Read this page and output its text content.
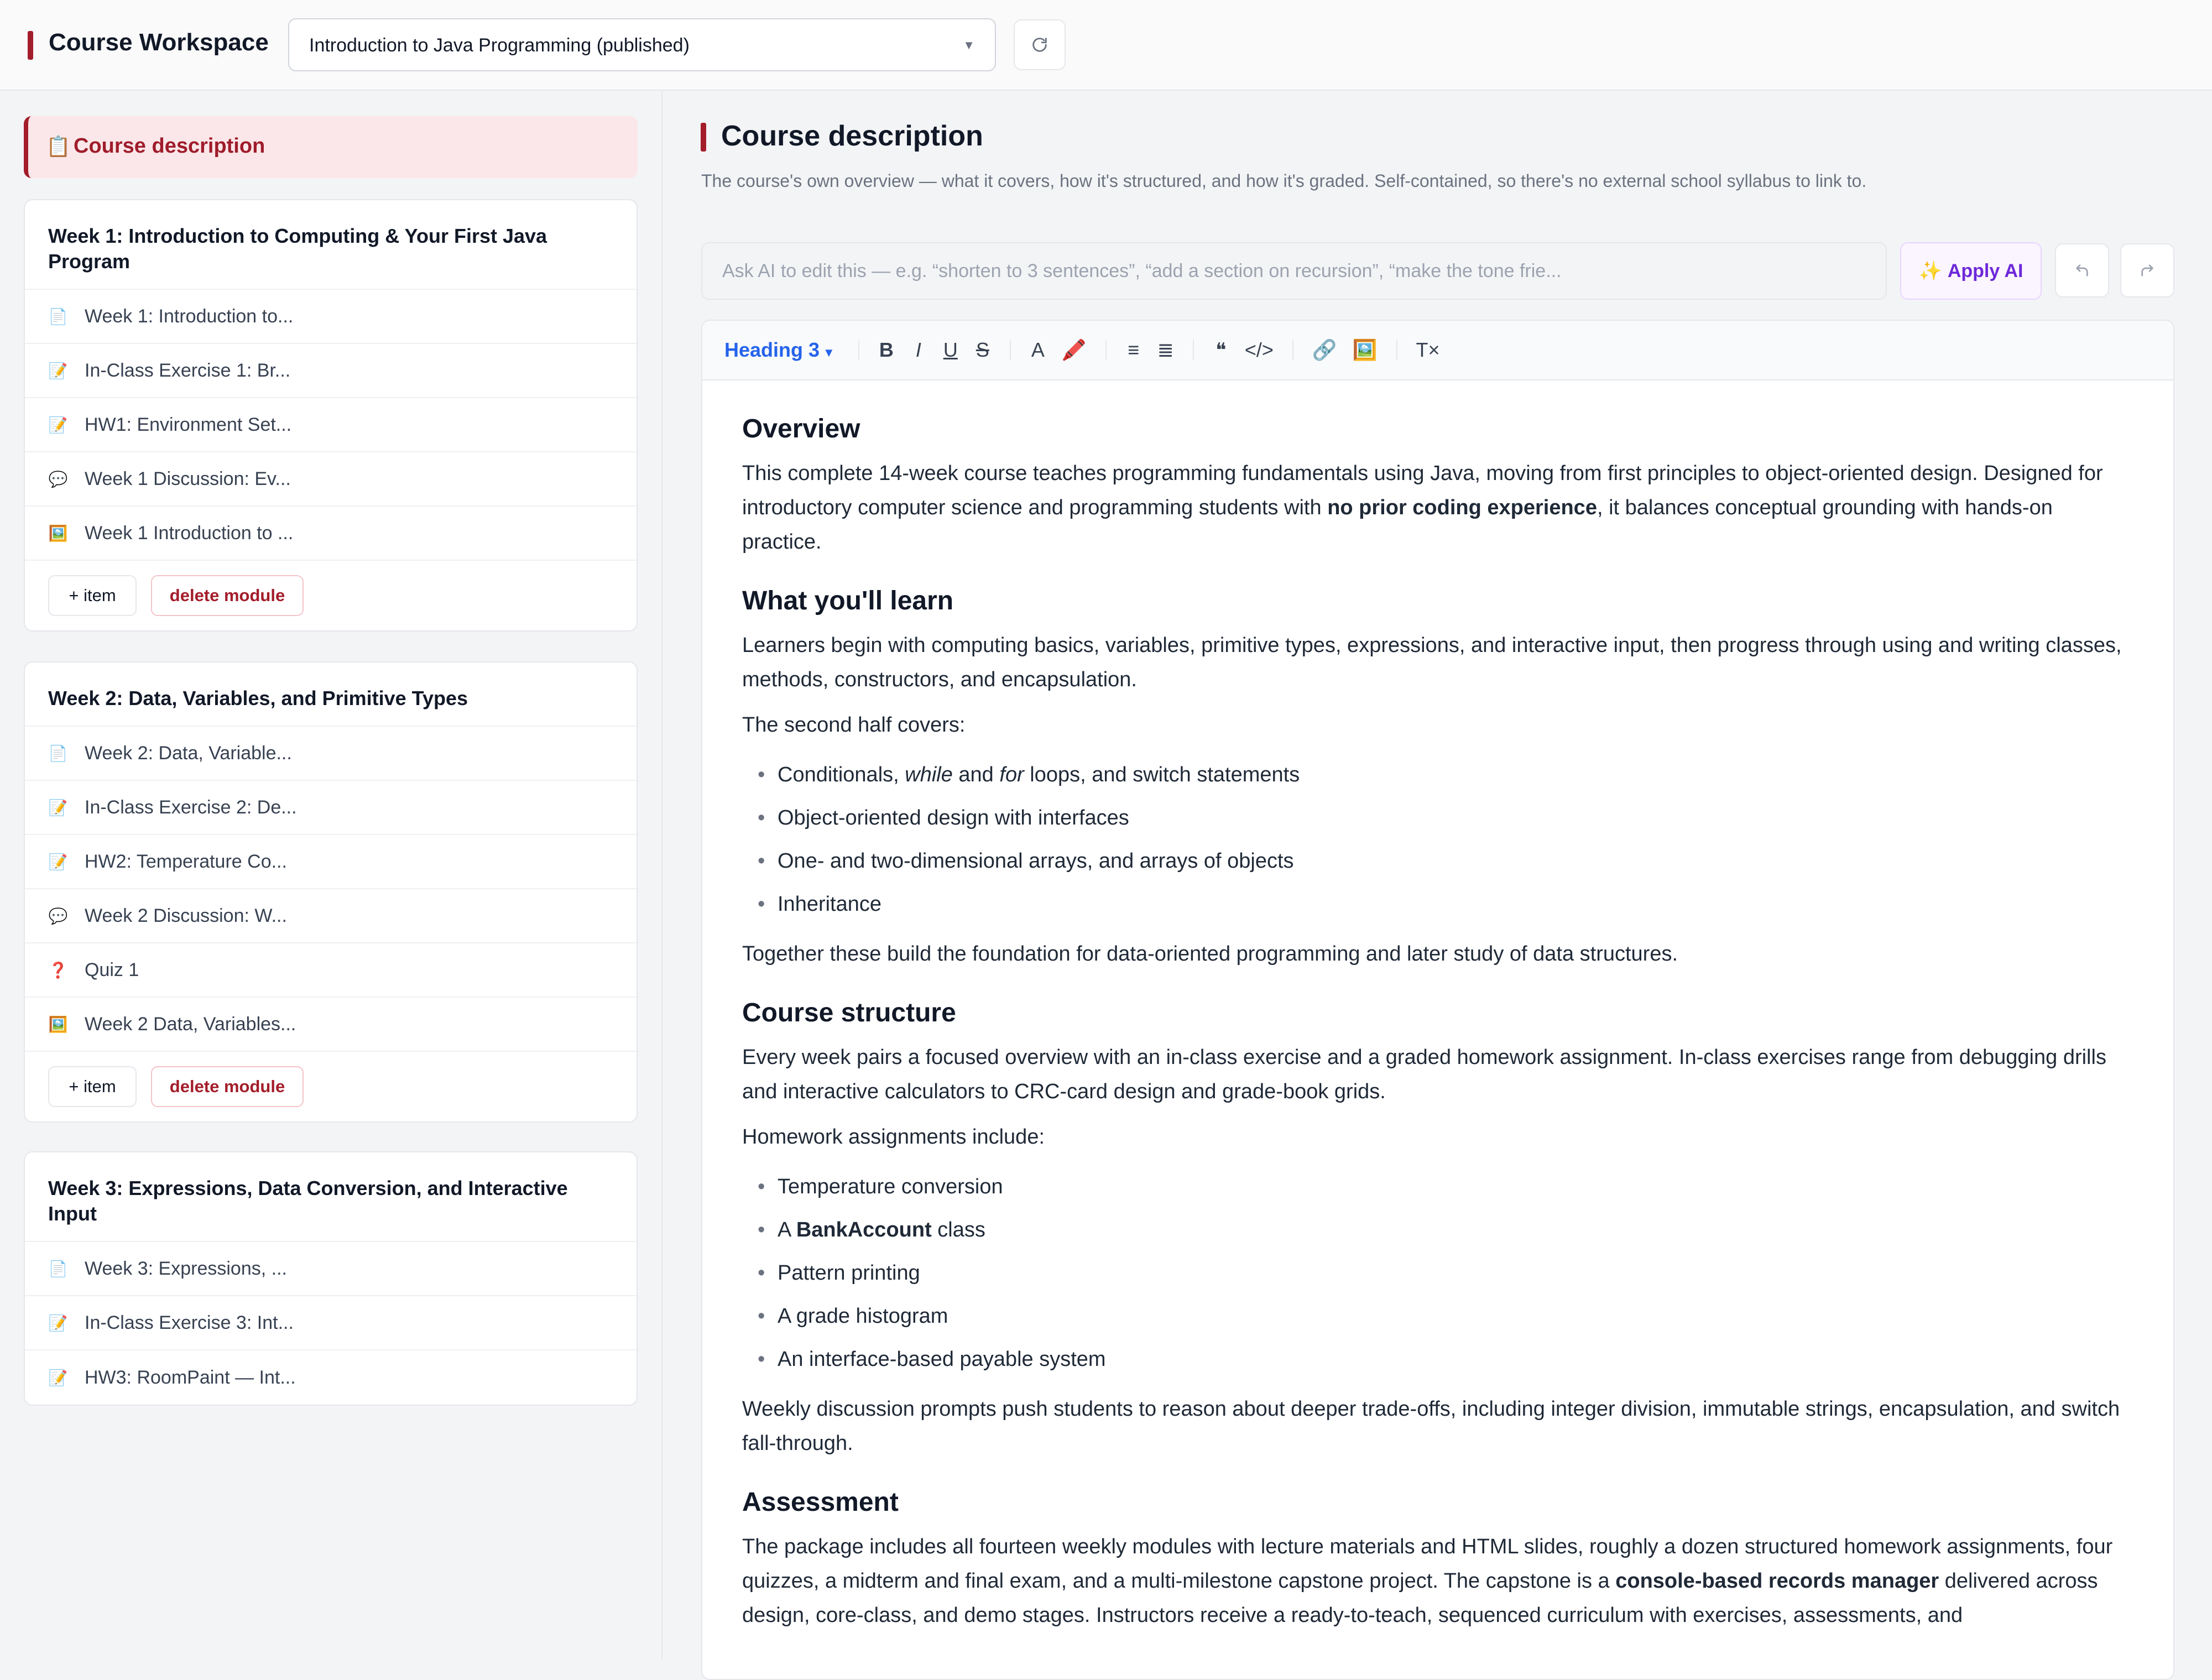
Course Workspace Introduction to Java Programming (published)	▼
📋 Course description
Week 1: Introduction to Computing & Your First Java Program
📄 Week 1: Introduction to...
📝 In-Class Exercise 1: Br...
📝 HW1: Environment Set...
💬 Week 1 Discussion: Ev...
🖼️ Week 1 Introduction to ...
+ item	delete module
Week 2: Data, Variables, and Primitive Types
📄 Week 2: Data, Variable...
📝 In-Class Exercise 2: De...
📝 HW2: Temperature Co...
💬 Week 2 Discussion: W...
❓ Quiz 1
🖼️ Week 2 Data, Variables...
+ item	delete module
Week 3: Expressions, Data Conversion, and Interactive Input
📄 Week 3: Expressions, ...
📝 In-Class Exercise 3: Int...
📝 HW3: RoomPaint — Int...
Course description
The course's own overview — what it covers, how it's structured, and how it's graded. Self-contained, so there's no external school syllabus to link to.
Ask AI to edit this — e.g. “shorten to 3 sentences”, “add a section on recursion”, “make the tone frie...
✨ Apply AI
Heading 3 ▼ B I U S A 🖍️ ≡ ≣ ❝ </> 🔗 🖼️ T×
Overview

This complete 14-week course teaches programming fundamentals using Java, moving from first principles to object-oriented design. Designed for introductory computer science and programming students with no prior coding experience, it balances conceptual grounding with hands-on practice.

What you'll learn

Learners begin with computing basics, variables, primitive types, expressions, and interactive input, then progress through using and writing classes, methods, constructors, and encapsulation.

The second half covers:

• Conditionals, while and for loops, and switch statements
• Object-oriented design with interfaces
• One- and two-dimensional arrays, and arrays of objects
• Inheritance

Together these build the foundation for data-oriented programming and later study of data structures.

Course structure

Every week pairs a focused overview with an in-class exercise and a graded homework assignment. In-class exercises range from debugging drills and interactive calculators to CRC-card design and grade-book grids.

Homework assignments include:

• Temperature conversion
• A BankAccount class
• Pattern printing
• A grade histogram
• An interface-based payable system

Weekly discussion prompts push students to reason about deeper trade-offs, including integer division, immutable strings, encapsulation, and switch fall-through.

Assessment

The package includes all fourteen weekly modules with lecture materials and HTML slides, roughly a dozen structured homework assignments, four quizzes, a midterm and final exam, and a multi-milestone capstone project. The capstone is a console-based records manager delivered across design, core-class, and demo stages. Instructors receive a ready-to-teach, sequenced curriculum with exercises, assessments, and
